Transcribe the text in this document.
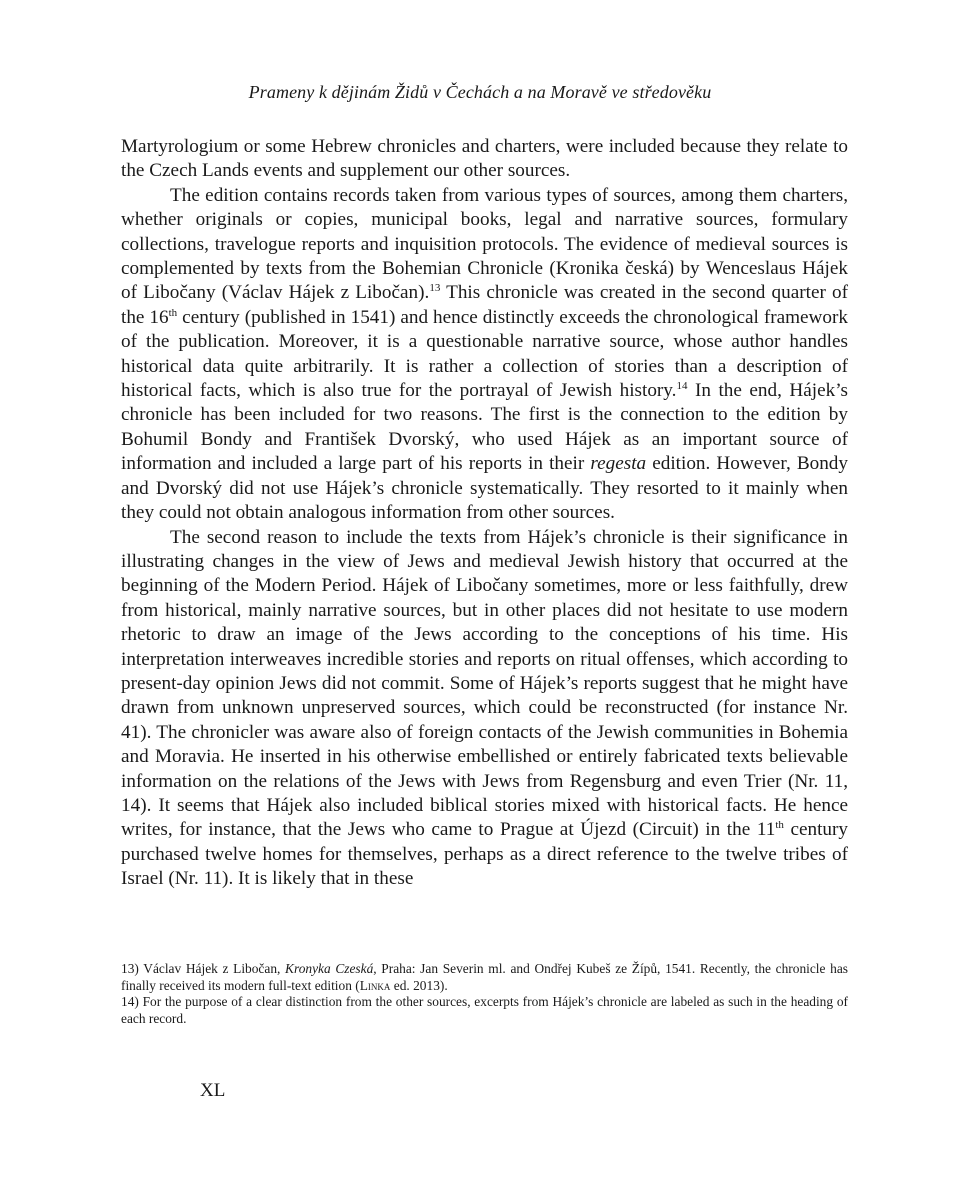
Prameny k dějinám Židů v Čechách a na Moravě ve středověku

Martyrologium or some Hebrew chronicles and charters, were included because they relate to the Czech Lands events and supplement our other sources.

The edition contains records taken from various types of sources, among them charters, whether originals or copies, municipal books, legal and narrative sources, formulary collections, travelogue reports and inquisition protocols. The evidence of medieval sources is complemented by texts from the Bohemian Chronicle (Kronika česká) by Wenceslaus Hájek of Libočany (Václav Hájek z Libočan).$^{13}$ This chronicle was created in the second quarter of the 16th century (published in 1541) and hence distinctly exceeds the chronological framework of the publication. Moreover, it is a questionable narrative source, whose author handles historical data quite arbitrarily. It is rather a collection of stories than a description of historical facts, which is also true for the portrayal of Jewish history.$^{14}$ In the end, Hájek’s chronicle has been included for two reasons. The first is the connection to the edition by Bohumil Bondy and František Dvorský, who used Hájek as an important source of information and included a large part of his reports in their regesta edition. However, Bondy and Dvorský did not use Hájek’s chronicle systematically. They resorted to it mainly when they could not obtain analogous information from other sources.

The second reason to include the texts from Hájek’s chronicle is their significance in illustrating changes in the view of Jews and medieval Jewish history that occurred at the beginning of the Modern Period. Hájek of Libočany sometimes, more or less faithfully, drew from historical, mainly narrative sources, but in other places did not hesitate to use modern rhetoric to draw an image of the Jews according to the conceptions of his time. His interpretation interweaves incredible stories and reports on ritual offenses, which according to present-day opinion Jews did not commit. Some of Hájek’s reports suggest that he might have drawn from unknown unpreserved sources, which could be reconstructed (for instance Nr. 41). The chronicler was aware also of foreign contacts of the Jewish communities in Bohemia and Moravia. He inserted in his otherwise embellished or entirely fabricated texts believable information on the relations of the Jews with Jews from Regensburg and even Trier (Nr. 11, 14). It seems that Hájek also included biblical stories mixed with historical facts. He hence writes, for instance, that the Jews who came to Prague at Újezd (Circuit) in the 11th century purchased twelve homes for themselves, perhaps as a direct reference to the twelve tribes of Israel (Nr. 11). It is likely that in these

13) Václav Hájek z Libočan, Kronyka Czeská, Praha: Jan Severin ml. and Ondřej Kubeš ze Žípů, 1541. Recently, the chronicle has finally received its modern full-text edition (Linka ed. 2013).

14) For the purpose of a clear distinction from the other sources, excerpts from Hájek’s chronicle are labeled as such in the heading of each record.

XL
